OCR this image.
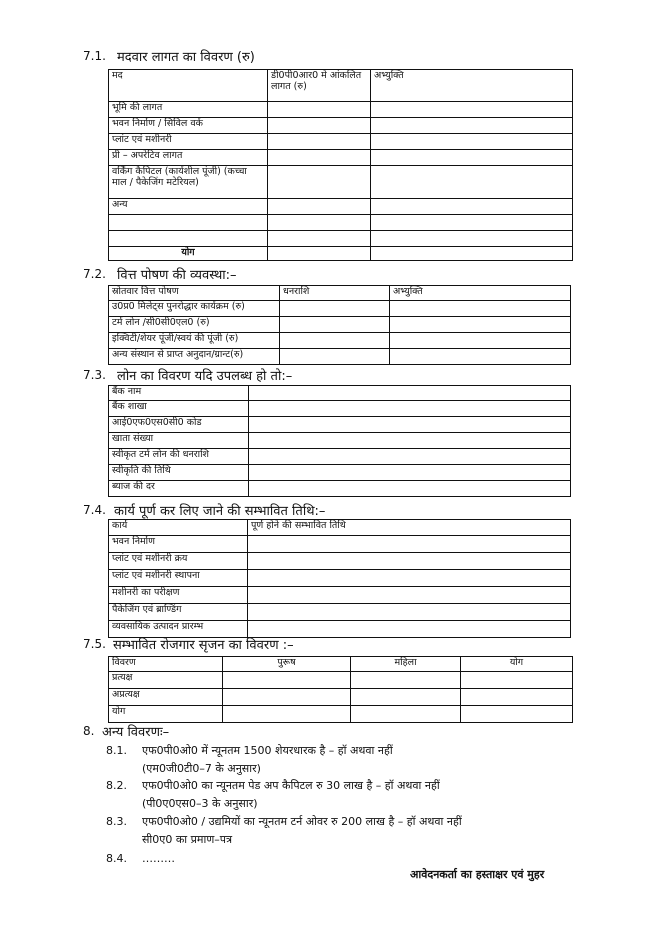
7.1. मदवार लागत का विवरण (रु)
मद	डी0पी0आर0 मे आंकलित लागत (रु)	अभ्युक्ति
भूमि की लागत		
भवन निर्माण / सिविल वर्क		
प्लांट एवं मशीनरी		
प्री – अपरेटिव लागत		
वर्किंग कैपिटल (कार्यशील पूंजी) (कच्चा माल / पैकेजिंग मटेरियल)		
अन्य		

योग		
7.2. वित्त पोषण की व्यवस्था:–
स्रोतवार वित्त पोषण	धनराशि	अभ्युक्ति
उ0प्र0 मिलेट्स पुनरोद्धार कार्यक्रम (रु)		
टर्म लोन /सी0सी0एल0 (रु)		
इक्विटी/शेयर पूंजी/स्वयं की पूंजी (रु)		
अन्य संस्थान से प्राप्त अनुदान/ग्रान्ट(रु)		
7.3. लोन का विवरण यदि उपलब्ध हो तो:–
बैंक नाम	
बैंक शाखा	
आई0एफ0एस0सी0 कोड	
खाता संख्या	
स्वीकृत टर्म लोन की धनराशि	
स्वीकृति की तिथि	
ब्याज की दर	
7.4. कार्य पूर्ण कर लिए जाने की सम्भावित तिथि:–
कार्य	पूर्ण होने की सम्भावित तिथि
भवन निर्माण	
प्लांट एवं मशीनरी क्रय	
प्लांट एवं मशीनरी स्थापना	
मशीनरी का परीक्षण	
पैकेजिंग एवं ब्राण्डिंग	
व्यवसायिक उत्पादन प्रारम्भ	
7.5. सम्भावित रोजगार सृजन का विवरण :–
विवरण	पुरूष	महिला	योग
प्रत्यक्ष			
अप्रत्यक्ष			
योग			
8. अन्य विवरणः–
8.1. एफ0पी0ओ0 में न्यूनतम 1500 शेयरधारक है – हॉ अथवा नहीं
(एम0जी0टी0–7 के अनुसार)
8.2. एफ0पी0ओ0 का न्यूनतम पेड अप कैपिटल रु 30 लाख है – हॉ अथवा नहीं
(पी0ए0एस0–3 के अनुसार)
8.3. एफ0पी0ओ0 / उद्यमियों का न्यूनतम टर्न ओवर रु 200 लाख है – हॉ अथवा नहीं
सी0ए0 का प्रमाण–पत्र
8.4. ………
आवेदनकर्ता का हस्ताक्षर एवं मुहर
